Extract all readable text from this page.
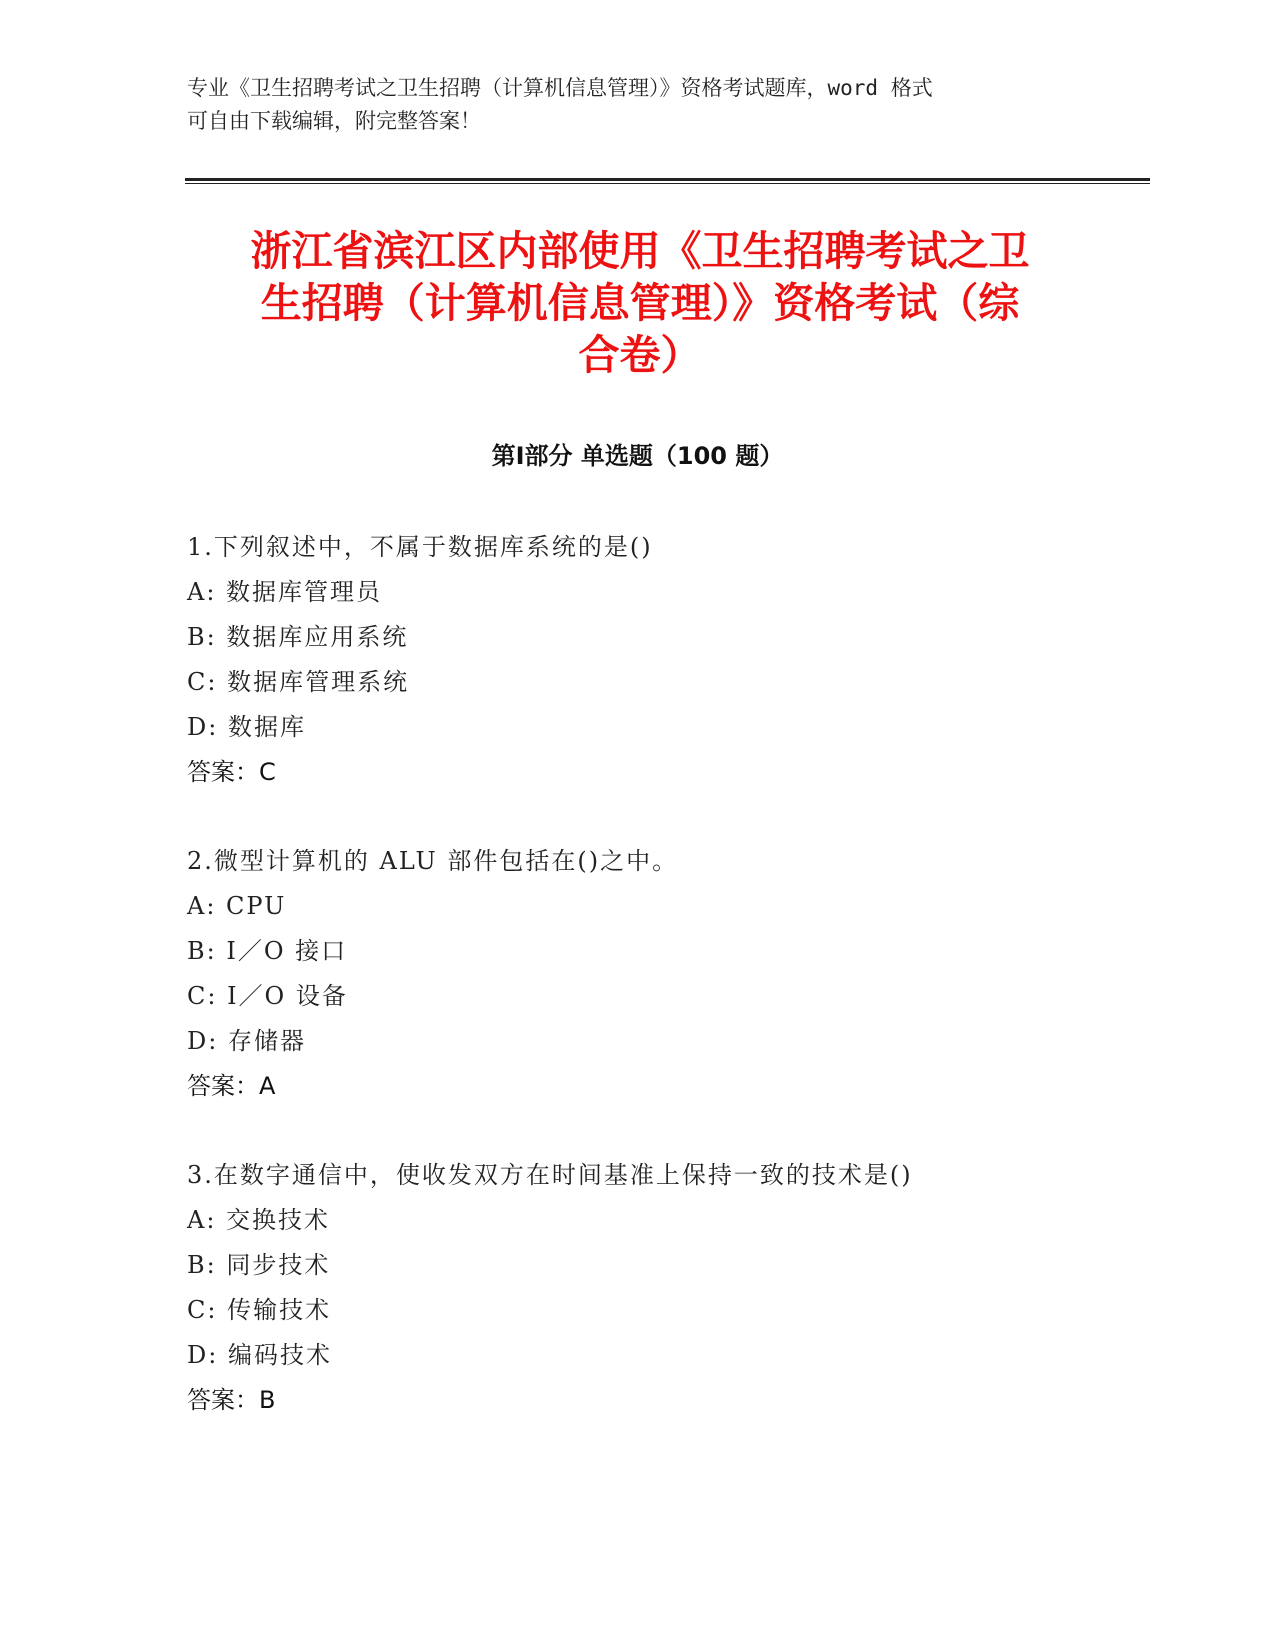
专业《卫生招聘考试之卫生招聘（计算机信息管理）》资格考试题库，word 格式
可自由下载编辑，附完整答案！
浙江省滨江区内部使用《卫生招聘考试之卫
生招聘（计算机信息管理）》资格考试（综
合卷）
第Ⅰ部分 单选题（100 题）
1.下列叙述中，不属于数据库系统的是()
A: 数据库管理员
B: 数据库应用系统
C: 数据库管理系统
D: 数据库
答案：C
2.微型计算机的 ALU 部件包括在()之中。
A: CPU
B: I／O 接口
C: I／O 设备
D: 存储器
答案：A
3.在数字通信中，使收发双方在时间基准上保持一致的技术是()
A: 交换技术
B: 同步技术
C: 传输技术
D: 编码技术
答案：B
